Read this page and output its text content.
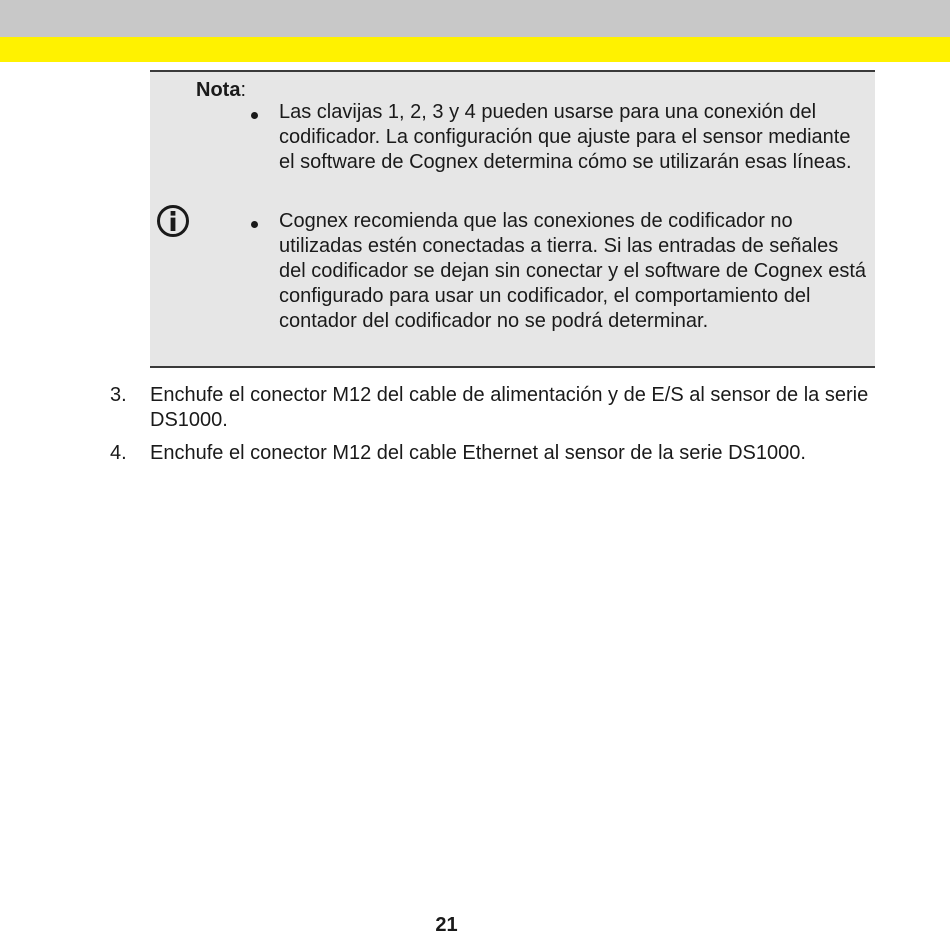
Nota:
Las clavijas 1, 2, 3 y 4 pueden usarse para una conexión del codificador. La configuración que ajuste para el sensor mediante el software de Cognex determina cómo se utilizarán esas líneas.
Cognex recomienda que las conexiones de codificador no utilizadas estén conectadas a tierra. Si las entradas de señales del codificador se dejan sin conectar y el software de Cognex está configurado para usar un codificador, el comportamiento del contador del codificador no se podrá determinar.
3. Enchufe el conector M12 del cable de alimentación y de E/S al sensor de la serie DS1000.
4. Enchufe el conector M12 del cable Ethernet al sensor de la serie DS1000.
21
